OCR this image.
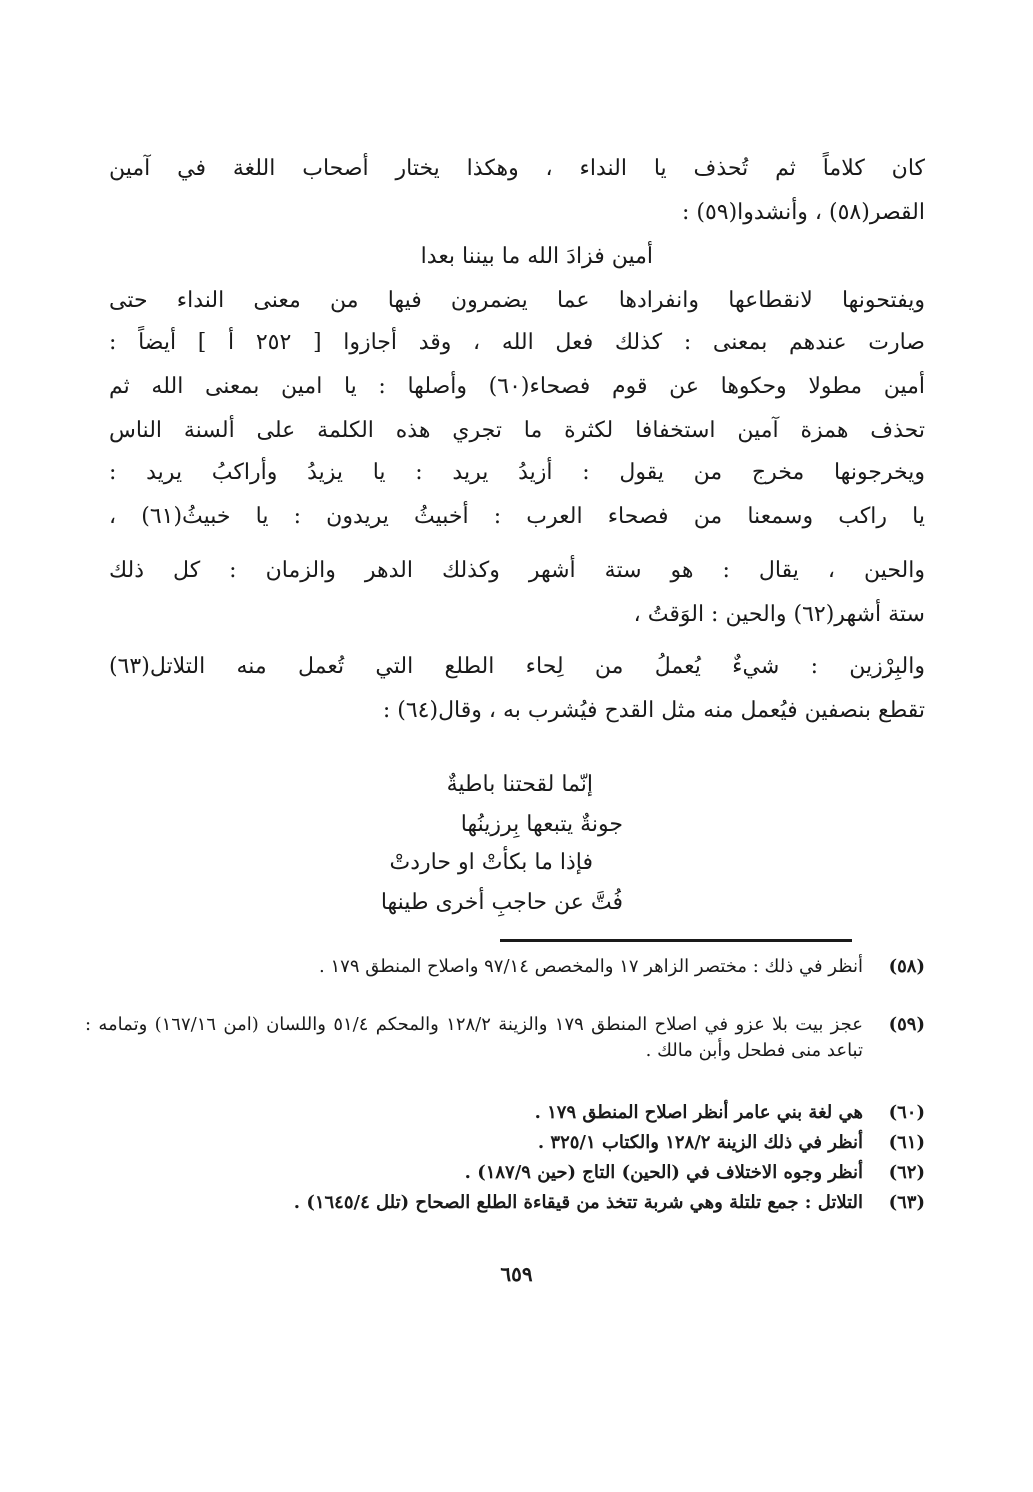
كان كلاماً ثم تُحذف يا النداء ، وهكذا يختار أصحاب اللغة في آمين
القصر(٥٨) ، وأنشدوا(٥٩) :
أمين فزادَ الله ما بيننا بعدا
ويفتحونها لانقطاعها وانفرادها عما يضمرون فيها من معنى النداء حتى
صارت عندهم بمعنى : كذلك فعل الله ، وقد أجازوا [ ٢٥٢ أ ] أيضاً :
أمين مطولا وحكوها عن قوم فصحاء(٦٠) وأصلها : يا امين بمعنى الله ثم
تحذف همزة آمين استخفافا لكثرة ما تجري هذه الكلمة على ألسنة الناس
ويخرجونها مخرج من يقول : أزيدُ يريد : يا يزيدُ وأراكبُ يريد :
يا راكب وسمعنا من فصحاء العرب : أخبيثُ يريدون : يا خبيثُ(٦١) ،
والحين ، يقال : هو ستة أشهر وكذلك الدهر والزمان : كل ذلك
ستة أشهر(٦٢) والحين : الوَقتُ ،
والبِرْزين : شيءٌ يُعملُ من لِحاء الطلع التي تُعمل منه التلاتل(٦٣)
تقطع بنصفين فيُعمل منه مثل القدح فيُشرب به ، وقال(٦٤) :
إنّما لقحتنا باطيةٌ
جونةٌ يتبعها بِرزينُها
فإذا ما بكأتْ او حاردتْ
فُتَّ عن حاجبِ أخرى طينها
(٥٨)
أنظر في ذلك : مختصر الزاهر ١٧ والمخصص ٩٧/١٤ واصلاح المنطق ١٧٩ .
(٥٩)
عجز بيت بلا عزو في اصلاح المنطق ١٧٩ والزينة ١٢٨/٢ والمحكم ٥١/٤ واللسان (امن ١٦٧/١٦) وتمامه : تباعد منى فطحل وأبن مالك .
(٦٠)
هي لغة بني عامر أنظر اصلاح المنطق ١٧٩ .
(٦١)
أنظر في ذلك الزينة ١٢٨/٢ والكتاب ٣٢٥/١ .
(٦٢)
أنظر وجوه الاختلاف في (الحين) التاج (حين ١٨٧/٩) .
(٦٣)
التلاتل : جمع تلتلة وهي شربة تتخذ من قيقاءة الطلع الصحاح (تلل ١٦٤٥/٤) .
٦٥٩
